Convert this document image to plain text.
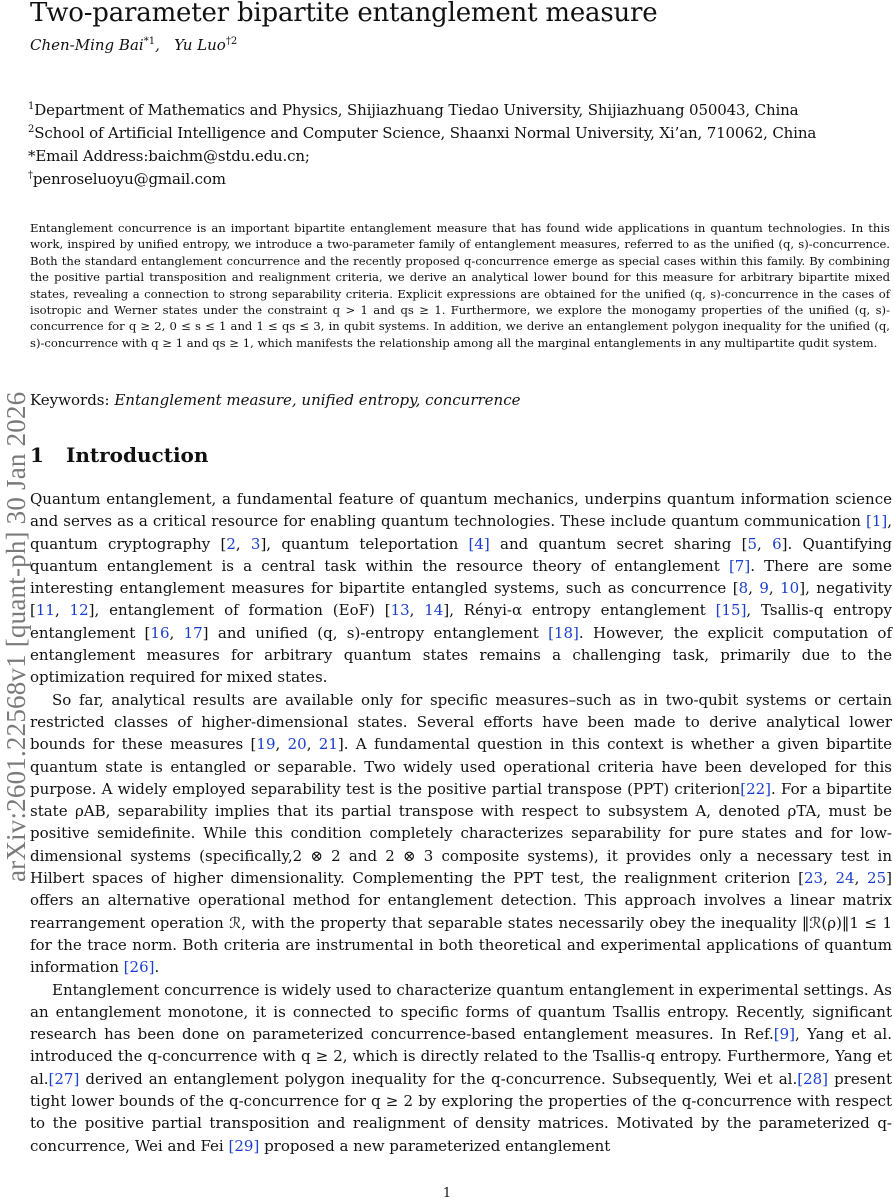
Two-parameter bipartite entanglement measure
Chen-Ming Bai$^{*1}$,   Yu Luo$^{\dagger 2}$
$^1$Department of Mathematics and Physics, Shijiazhuang Tiedao University, Shijiazhuang 050043, China
$^2$School of Artificial Intelligence and Computer Science, Shaanxi Normal University, Xi’an, 710062, China
*Email Address:baichm@stdu.edu.cn;
†penroseluoyu@gmail.com

Entanglement concurrence is an important bipartite entanglement measure that has found wide applications in quantum technologies. In this work, inspired by unified entropy, we introduce a two-parameter family of entanglement measures, referred to as the unified (q, s)-concurrence. Both the standard entanglement concurrence and the recently proposed q-concurrence emerge as special cases within this family. By combining the positive partial transposition and realignment criteria, we derive an analytical lower bound for this measure for arbitrary bipartite mixed states, revealing a connection to strong separability criteria. Explicit expressions are obtained for the unified (q, s)-concurrence in the cases of isotropic and Werner states under the constraint q > 1 and qs ≥ 1. Furthermore, we explore the monogamy properties of the unified (q, s)-concurrence for q ≥ 2, 0 ≤ s ≤ 1 and 1 ≤ qs ≤ 3, in qubit systems. In addition, we derive an entanglement polygon inequality for the unified (q, s)-concurrence with q ≥ 1 and qs ≥ 1, which manifests the relationship among all the marginal entanglements in any multipartite qudit system.

Keywords: Entanglement measure, unified entropy, concurrence
1 Introduction

Quantum entanglement, a fundamental feature of quantum mechanics, underpins quantum information science and serves as a critical resource for enabling quantum technologies. These include quantum communication [1], quantum cryptography [2, 3], quantum teleportation [4] and quantum secret sharing [5, 6]. Quantifying quantum entanglement is a central task within the resource theory of entanglement [7]. There are some interesting entanglement measures for bipartite entangled systems, such as concurrence [8, 9, 10], negativity [11, 12], entanglement of formation (EoF) [13, 14], Rényi-α entropy entanglement [15], Tsallis-q entropy entanglement [16, 17] and unified (q, s)-entropy entanglement [18]. However, the explicit computation of entanglement measures for arbitrary quantum states remains a challenging task, primarily due to the optimization required for mixed states.

So far, analytical results are available only for specific measures–such as in two-qubit systems or certain restricted classes of higher-dimensional states. Several efforts have been made to derive analytical lower bounds for these measures [19, 20, 21]. A fundamental question in this context is whether a given bipartite quantum state is entangled or separable. Two widely used operational criteria have been developed for this purpose. A widely employed separability test is the positive partial transpose (PPT) criterion[22]. For a bipartite state ρAB, separability implies that its partial transpose with respect to subsystem A, denoted ρTA, must be positive semidefinite. While this condition completely characterizes separability for pure states and for low-dimensional systems (specifically,2 ⊗ 2 and 2 ⊗ 3 composite systems), it provides only a necessary test in Hilbert spaces of higher dimensionality. Complementing the PPT test, the realignment criterion [23, 24, 25] offers an alternative operational method for entanglement detection. This approach involves a linear matrix rearrangement operation ℛ, with the property that separable states necessarily obey the inequality ‖ℛ(ρ)‖1 ≤ 1 for the trace norm. Both criteria are instrumental in both theoretical and experimental applications of quantum information [26].

Entanglement concurrence is widely used to characterize quantum entanglement in experimental settings. As an entanglement monotone, it is connected to specific forms of quantum Tsallis entropy. Recently, significant research has been done on parameterized concurrence-based entanglement measures. In Ref.[9], Yang et al. introduced the q-concurrence with q ≥ 2, which is directly related to the Tsallis-q entropy. Furthermore, Yang et al.[27] derived an entanglement polygon inequality for the q-concurrence. Subsequently, Wei et al.[28] present tight lower bounds of the q-concurrence for q ≥ 2 by exploring the properties of the q-concurrence with respect to the positive partial transposition and realignment of density matrices. Motivated by the parameterized q-concurrence, Wei and Fei [29] proposed a new parameterized entanglement

arXiv:2601.22568v1 [quant-ph] 30 Jan 2026
1
